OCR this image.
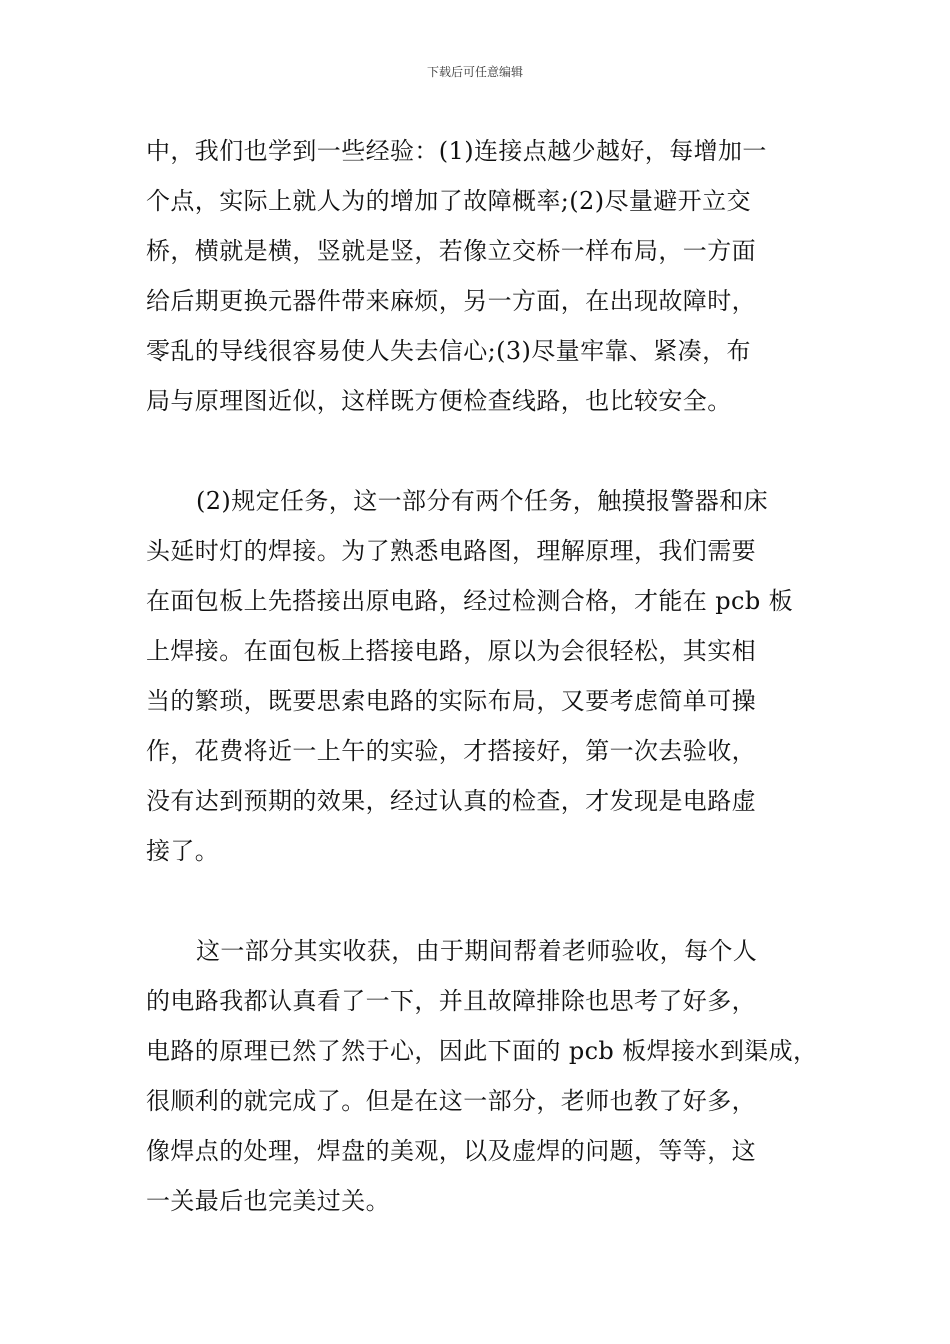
下载后可任意编辑
中，我们也学到一些经验：(1)连接点越少越好，每增加一
个点，实际上就人为的增加了故障概率;(2)尽量避开立交
桥，横就是横，竖就是竖，若像立交桥一样布局，一方面
给后期更换元器件带来麻烦，另一方面，在出现故障时，
零乱的导线很容易使人失去信心;(3)尽量牢靠、紧凑，布
局与原理图近似，这样既方便检查线路，也比较安全。
(2)规定任务，这一部分有两个任务，触摸报警器和床
头延时灯的焊接。为了熟悉电路图，理解原理，我们需要
在面包板上先搭接出原电路，经过检测合格，才能在 pcb 板
上焊接。在面包板上搭接电路，原以为会很轻松，其实相
当的繁琐，既要思索电路的实际布局，又要考虑简单可操
作，花费将近一上午的实验，才搭接好，第一次去验收，
没有达到预期的效果，经过认真的检查，才发现是电路虚
接了。
这一部分其实收获，由于期间帮着老师验收，每个人
的电路我都认真看了一下，并且故障排除也思考了好多，
电路的原理已然了然于心，因此下面的 pcb 板焊接水到渠成，
很顺利的就完成了。但是在这一部分，老师也教了好多，
像焊点的处理，焊盘的美观，以及虚焊的问题，等等，这
一关最后也完美过关。
